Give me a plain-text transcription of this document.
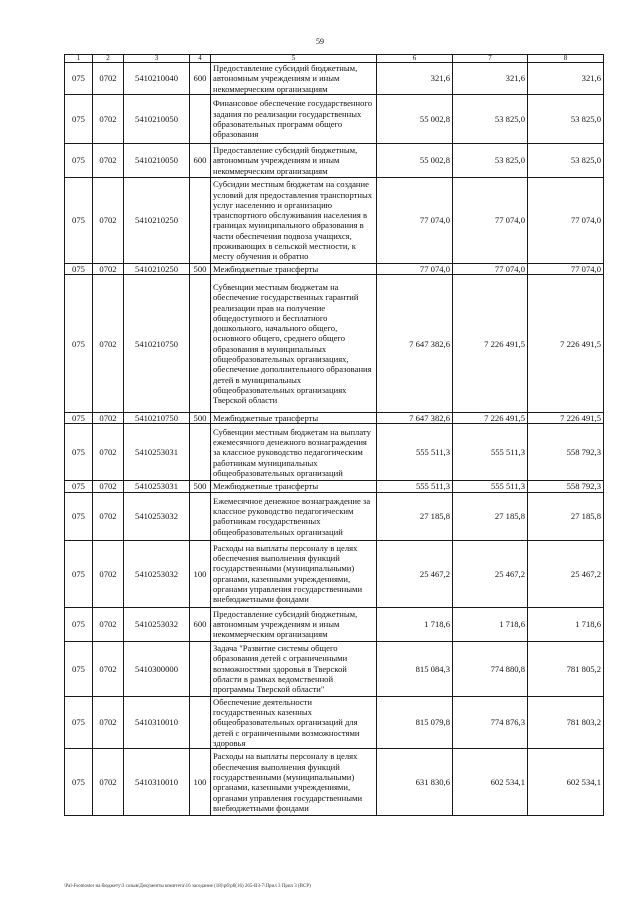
59
1	2	3	4	5	6	7	8
075	0702	5410210040	600	Предоставление субсидий бюджетным, автономным учреждениям и иным некоммерческим организациям	321,6	321,6	321,6
075	0702	5410210050		Финансовое обеспечение государственного задания по реализации государственных образовательных программ общего образования	55 002,8	53 825,0	53 825,0
075	0702	5410210050	600	Предоставление субсидий бюджетным, автономным учреждениям и иным некоммерческим организациям	55 002,8	53 825,0	53 825,0
075	0702	5410210250		Субсидии местным бюджетам на создание условий для предоставления транспортных услуг населению и организацию транспортного обслуживания населения в границах муниципального образования в части обеспечения подвоза учащихся, проживающих в сельской местности, к месту обучения и обратно	77 074,0	77 074,0	77 074,0
075	0702	5410210250	500	Межбюджетные трансферты	77 074,0	77 074,0	77 074,0
075	0702	5410210750		Субвенции местным бюджетам на обеспечение государственных гарантий реализации прав на получение общедоступного и бесплатного дошкольного, начального общего, основного общего, среднего общего образования в муниципальных общеобразовательных организациях, обеспечение дополнительного образования детей в муниципальных общеобразовательных организациях Тверской области	7 647 382,6	7 226 491,5	7 226 491,5
075	0702	5410210750	500	Межбюджетные трансферты	7 647 382,6	7 226 491,5	7 226 491,5
075	0702	5410253031		Субвенции местным бюджетам на выплату ежемесячного денежного вознаграждения за классное руководство педагогическим работникам муниципальных общеобразовательных организаций	555 511,3	555 511,3	558 792,3
075	0702	5410253031	500	Межбюджетные трансферты	555 511,3	555 511,3	558 792,3
075	0702	5410253032		Ежемесячное денежное вознаграждение за классное руководство педагогическим работникам государственных общеобразовательных организаций	27 185,8	27 185,8	27 185,8
075	0702	5410253032	100	Расходы на выплаты персоналу в целях обеспечения выполнения функций государственными (муниципальными) органами, казенными учреждениями, органами управления государственными внебюджетными фондами	25 467,2	25 467,2	25 467,2
075	0702	5410253032	600	Предоставление субсидий бюджетным, автономным учреждениям и иным некоммерческим организациям	1 718,6	1 718,6	1 718,6
075	0702	5410300000		Задача "Развитие системы общего образования детей с ограниченными возможностями здоровья в Тверской области в рамках ведомственной программы Тверской области"	815 084,3	774 880,8	781 805,2
075	0702	5410310010		Обеспечение деятельности государственных казенных общеобразовательных организаций для детей с ограниченными возможностями здоровья	815 079,8	774 876,3	781 803,2
075	0702	5410310010	100	Расходы на выплаты персоналу в целях обеспечения выполнения функций государственными (муниципальными) органами, казенными учреждениями, органами управления государственными внебюджетными фондами	631 830,6	602 534,1	602 534,1
\Pal-Fsomoster на бюджету\3 созыв\Документы комитета\16 заседание (18)\рб\рб(16) 265-ВЗ-7\Прил 3 Прил 3 (ВСР)
